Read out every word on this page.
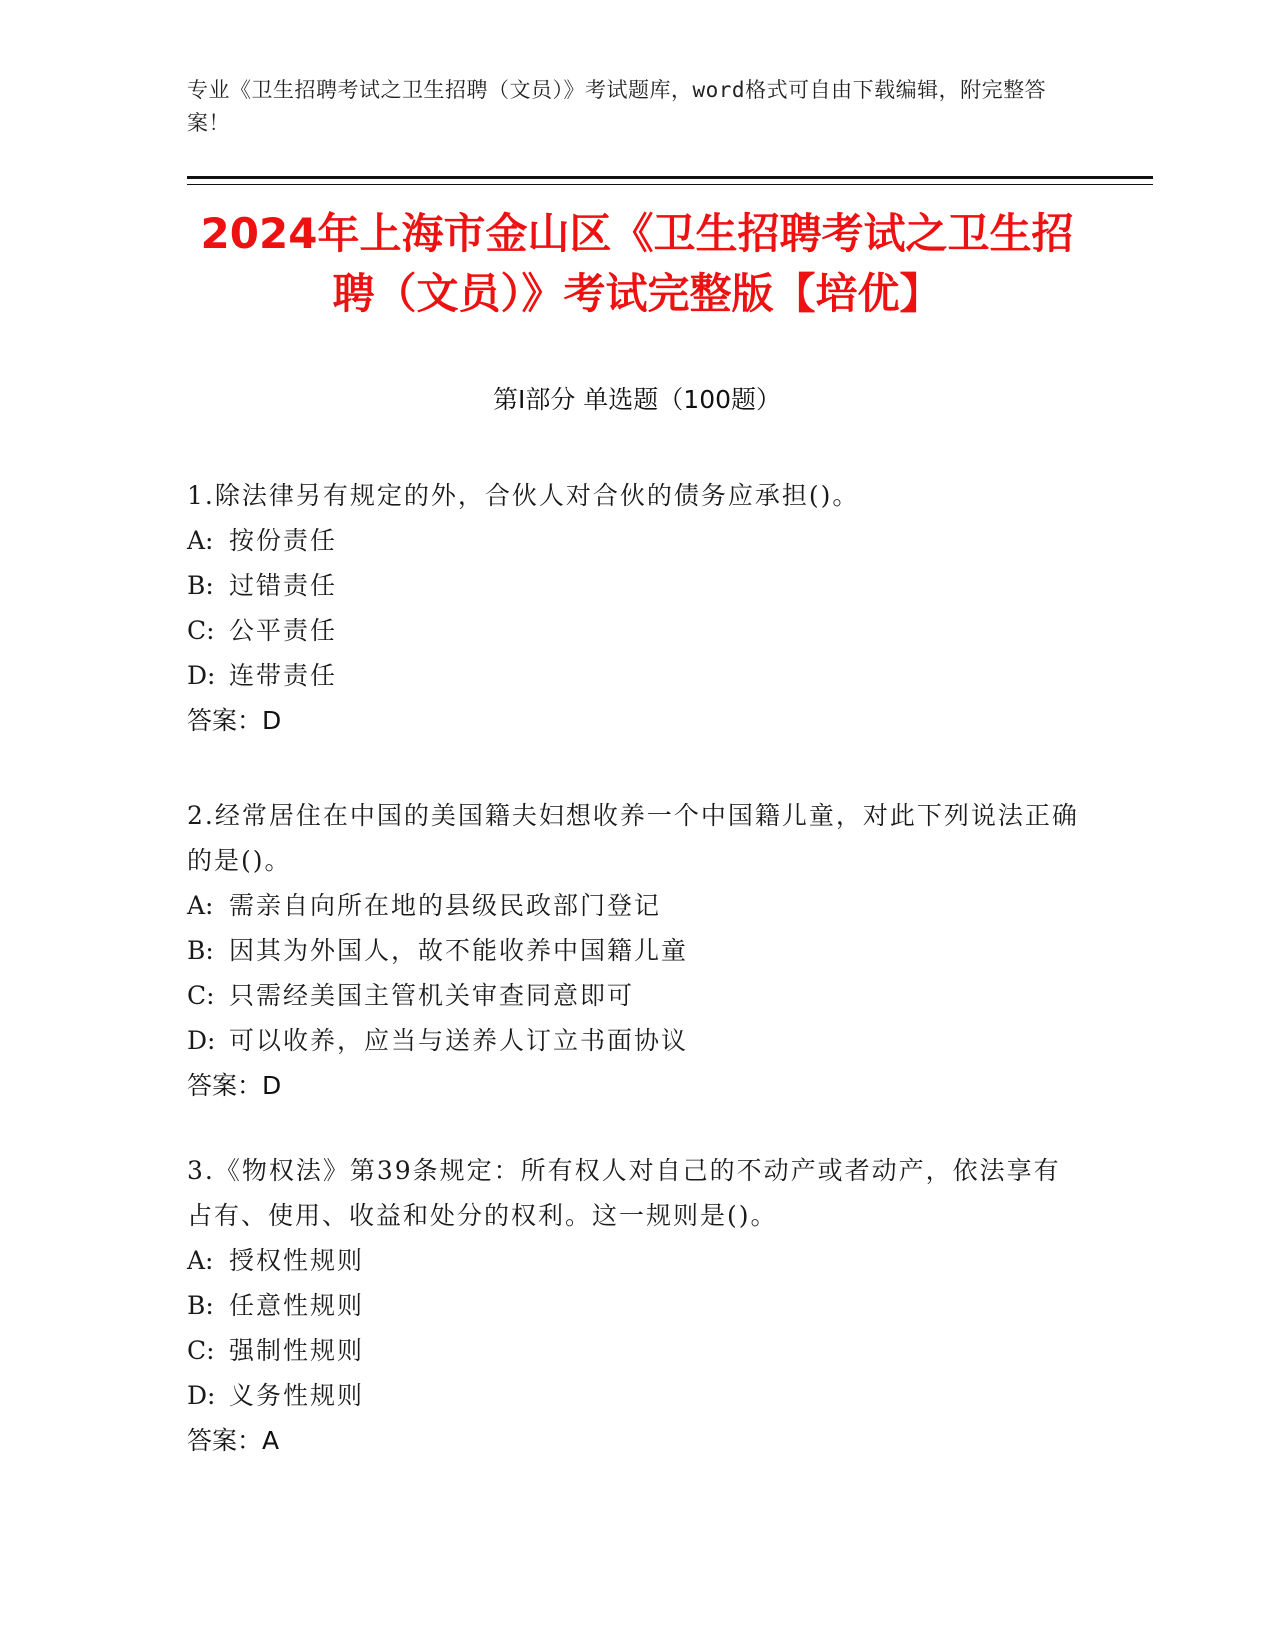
专业《卫生招聘考试之卫生招聘（文员）》考试题库，word格式可自由下载编辑，附完整答案！
2024年上海市金山区《卫生招聘考试之卫生招聘（文员）》考试完整版【培优】
第I部分 单选题（100题）
1.除法律另有规定的外，合伙人对合伙的债务应承担()。
A: 按份责任
B: 过错责任
C: 公平责任
D: 连带责任
答案：D
2.经常居住在中国的美国籍夫妇想收养一个中国籍儿童，对此下列说法正确的是()。
A: 需亲自向所在地的县级民政部门登记
B: 因其为外国人，故不能收养中国籍儿童
C: 只需经美国主管机关审查同意即可
D: 可以收养，应当与送养人订立书面协议
答案：D
3.《物权法》第39条规定：所有权人对自己的不动产或者动产，依法享有占有、使用、收益和处分的权利。这一规则是()。
A: 授权性规则
B: 任意性规则
C: 强制性规则
D: 义务性规则
答案：A
